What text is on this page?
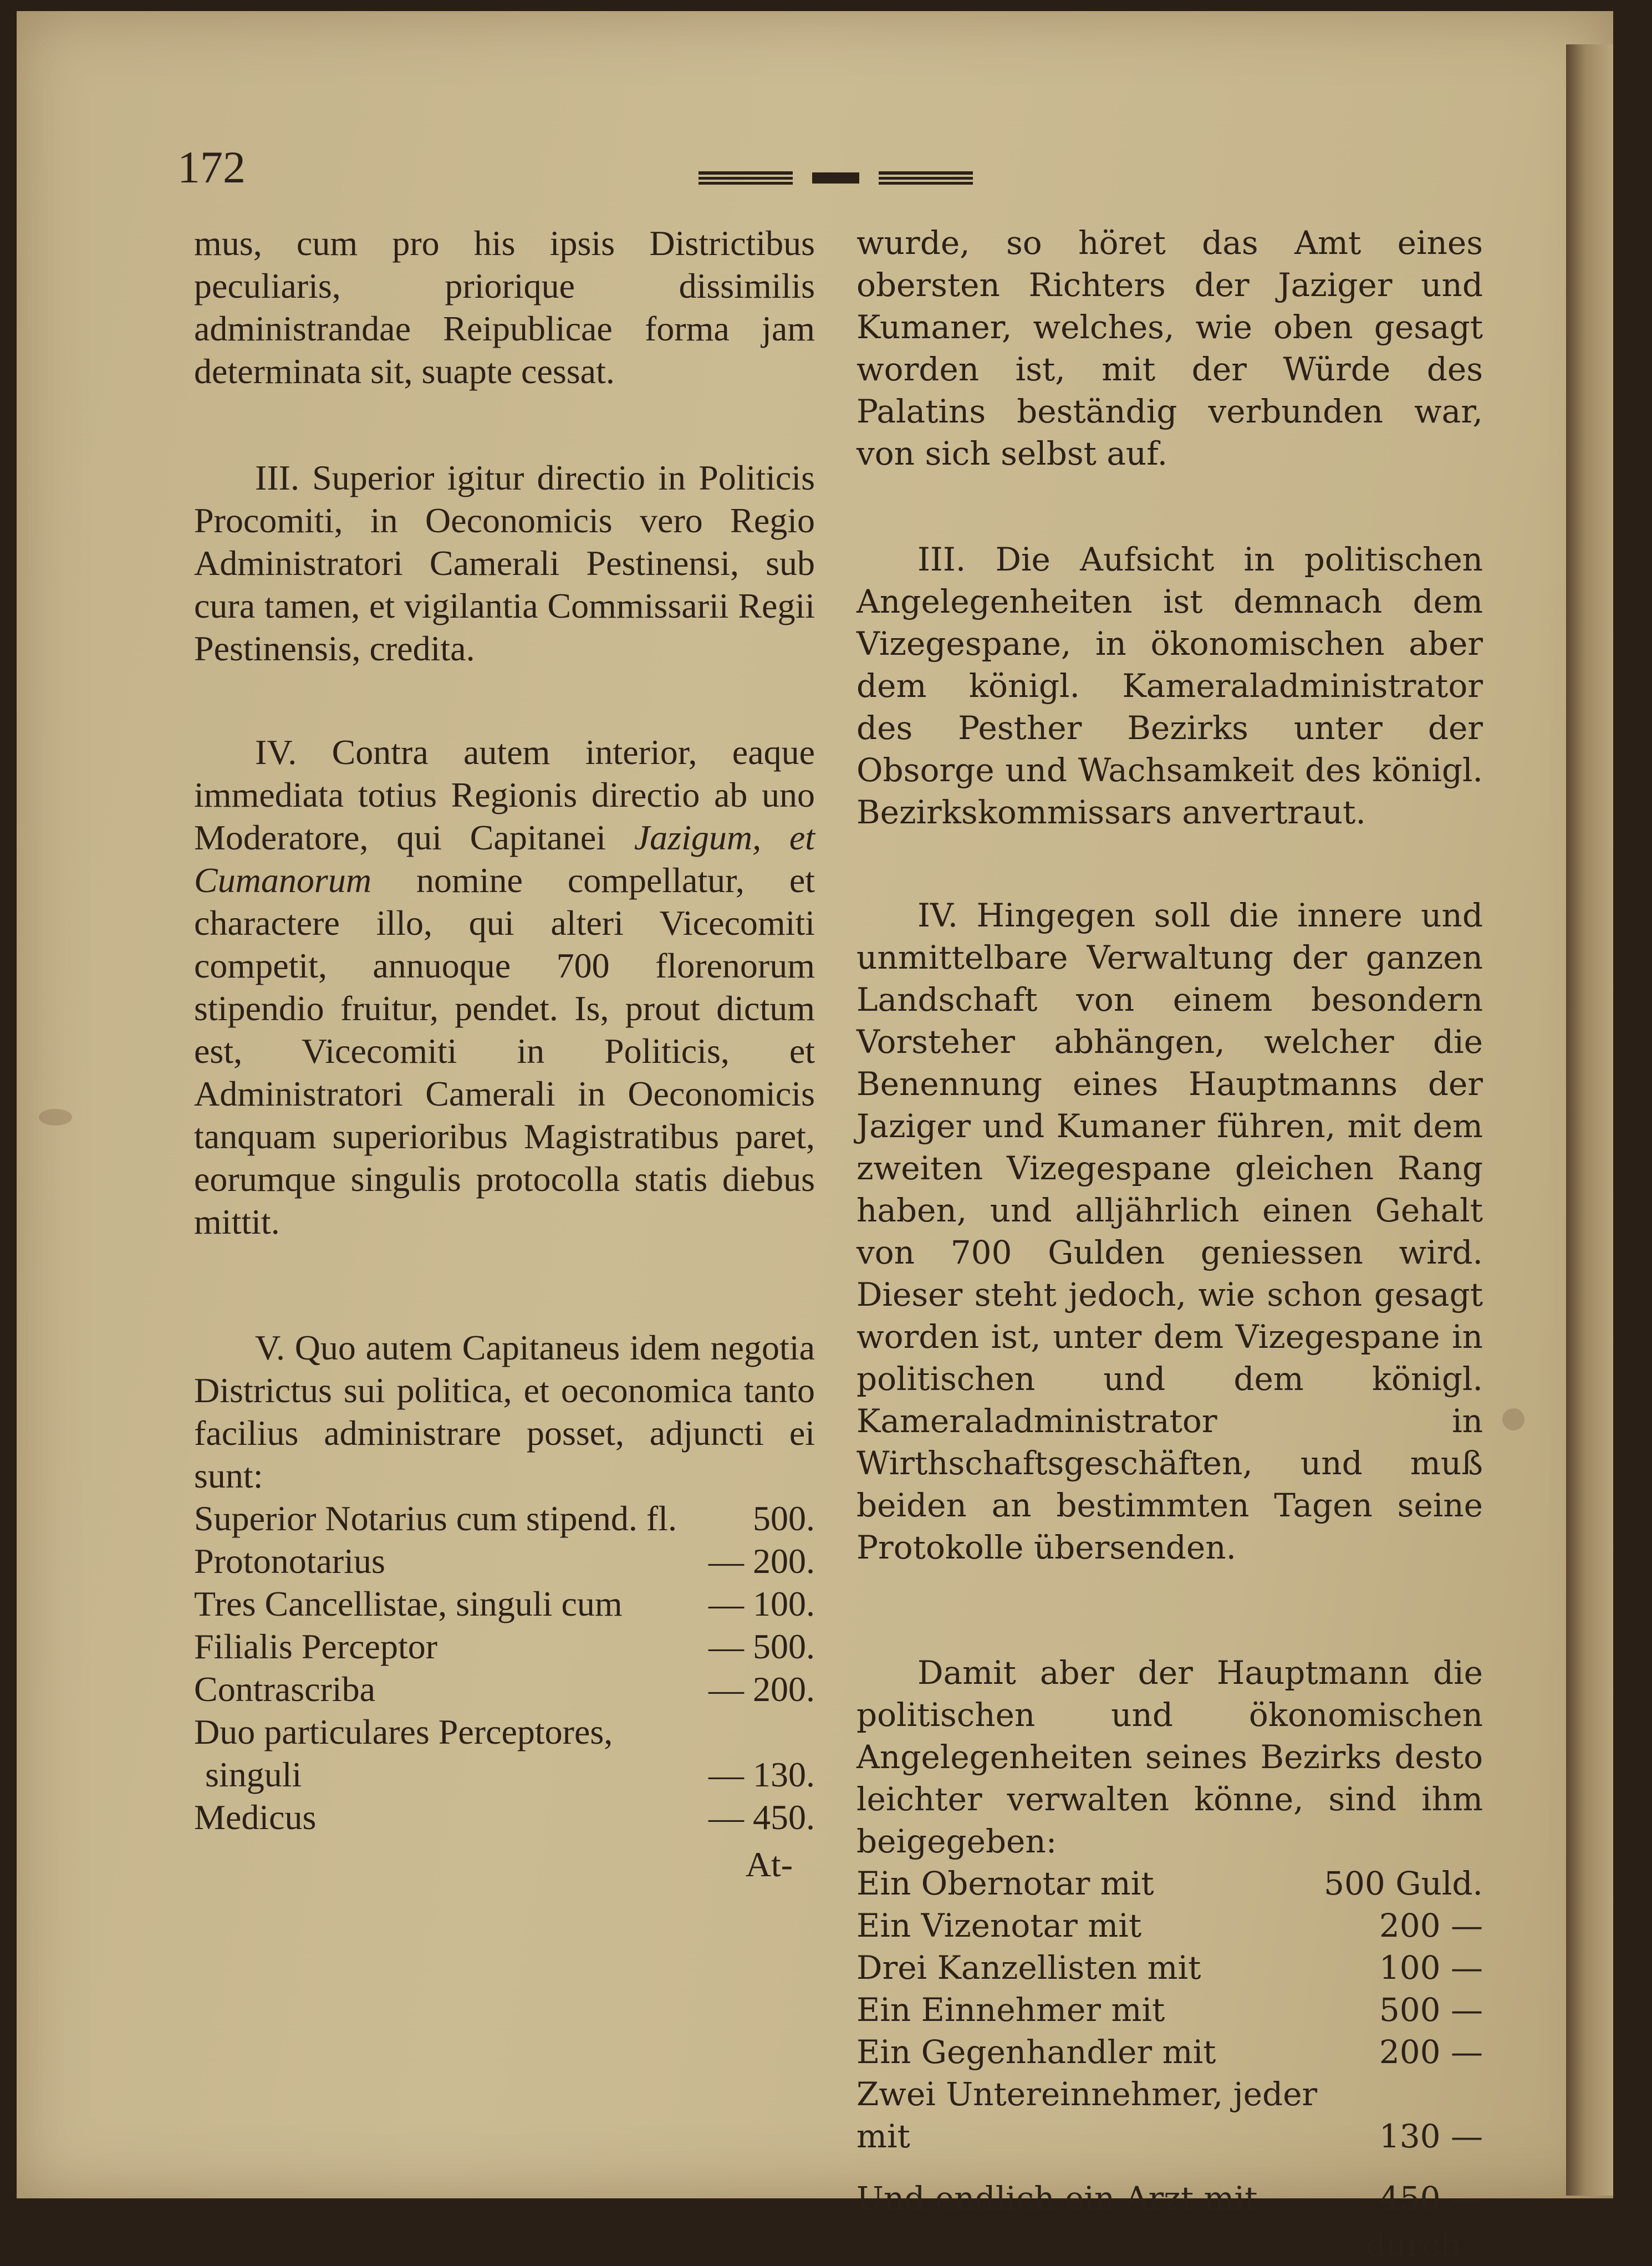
172

mus, cum pro his ipsis Districtibus peculiaris, priorique dissimilis administrandae Reipublicae forma jam determinata sit, suapte cessat.

III. Superior igitur directio in Politicis Procomiti, in Oeconomicis vero Regio Administratori Camerali Pestinensi, sub cura tamen, et vigilantia Commissarii Regii Pestinensis, credita.

IV. Contra autem interior, eaque immediata totius Regionis directio ab uno Moderatore, qui Capitanei Jazigum, et Cumanorum nomine compellatur, et charactere illo, qui alteri Vicecomiti competit, annuoque 700 florenorum stipendio fruitur, pendet. Is, prout dictum est, Vicecomiti in Politicis, et Administratori Camerali in Oeconomicis tanquam superioribus Magistratibus paret, eorumque singulis protocolla statis diebus mittit.

V. Quo autem Capitaneus idem negotia Districtus sui politica, et oeconomica tanto facilius administrare posset, adjuncti ei sunt:

Superior Notarius cum stipend. fl.	500.
Protonotarius	— 200.
Tres Cancellistae, singuli cum	— 100.
Filialis Perceptor	— 500.
Contrascriba	— 200.
Duo particulares Perceptores,	
singuli	— 130.
Medicus	— 450.
At-

wurde, so höret das Amt eines obersten Richters der Jaziger und Kumaner, welches, wie oben gesagt worden ist, mit der Würde des Palatins beständig verbunden war, von sich selbst auf.

III. Die Aufsicht in politischen Angelegenheiten ist demnach dem Vizegespane, in ökonomischen aber dem königl. Kameraladministrator des Pesther Bezirks unter der Obsorge und Wachsamkeit des königl. Bezirkskommissars anvertraut.

IV. Hingegen soll die innere und unmittelbare Verwaltung der ganzen Landschaft von einem besondern Vorsteher abhängen, welcher die Benennung eines Hauptmanns der Jaziger und Kumaner führen, mit dem zweiten Vizegespane gleichen Rang haben, und alljährlich einen Gehalt von 700 Gulden geniessen wird. Dieser steht jedoch, wie schon gesagt worden ist, unter dem Vizegespane in politischen und dem königl. Kameraladministrator in Wirthschaftsgeschäften, und muß beiden an bestimmten Tagen seine Protokolle übersenden.

Damit aber der Hauptmann die politischen und ökonomischen Angelegenheiten seines Bezirks desto leichter verwalten könne, sind ihm beigegeben:

Ein Obernotar mit	500 Guld.
Ein Vizenotar mit	200 —
Drei Kanzellisten mit	100 —
Ein Einnehmer mit	500 —
Ein Gegenhandler mit	200 —
Zwei Untereinnehmer, jeder mit	130 —
Und endlich ein Arzt mit	450 —
durch
